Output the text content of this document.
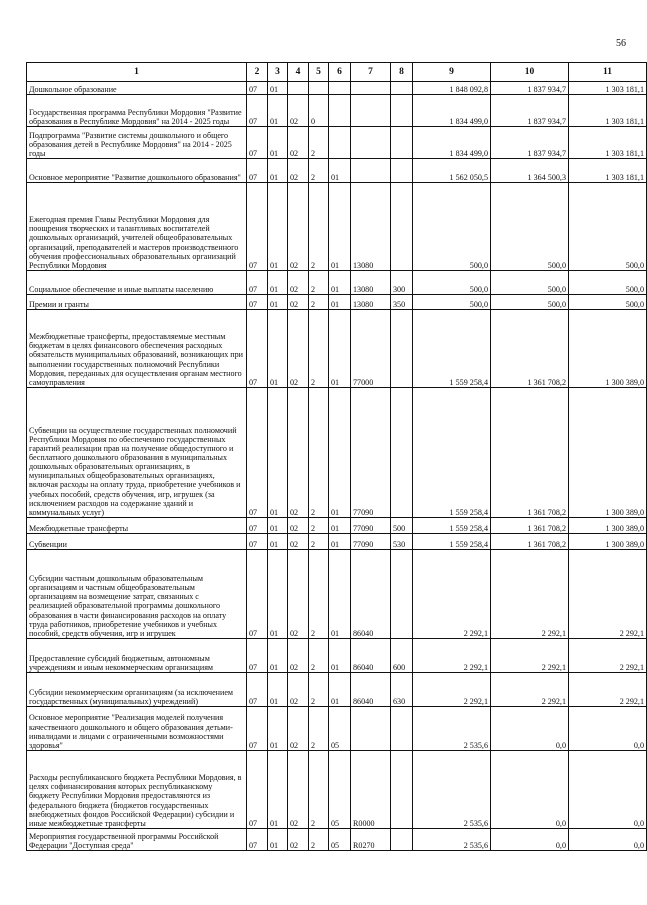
56
1	2	3	4	5	6	7	8	9	10	11
Дошкольное образование	07	01						1 848 092,8	1 837 934,7	1 303 181,1
Государственная программа Республики Мордовия "Развитие образования в Республике Мордовия" на 2014 - 2025 годы	07	01	02	0				1 834 499,0	1 837 934,7	1 303 181,1
Подпрограмма "Развитие системы дошкольного и общего образования детей в Республике Мордовия" на 2014 - 2025 годы	07	01	02	2				1 834 499,0	1 837 934,7	1 303 181,1
Основное мероприятие "Развитие дошкольного образования"	07	01	02	2	01			1 562 050,5	1 364 500,3	1 303 181,1
Ежегодная премия Главы Республики Мордовия для поощрения творческих и талантливых воспитателей дошкольных организаций, учителей общеобразовательных организаций, преподавателей и мастеров производственного обучения профессиональных образовательных организаций Республики Мордовия	07	01	02	2	01	13080		500,0	500,0	500,0
Социальное обеспечение и иные выплаты населению	07	01	02	2	01	13080	300	500,0	500,0	500,0
Премии и гранты	07	01	02	2	01	13080	350	500,0	500,0	500,0
Межбюджетные трансферты, предоставляемые местным бюджетам в целях финансового обеспечения расходных обязательств муниципальных образований, возникающих при выполнении государственных полномочий Республики Мордовия, переданных для осуществления органам местного самоуправления	07	01	02	2	01	77000		1 559 258,4	1 361 708,2	1 300 389,0
Субвенции на осуществление государственных полномочий Республики Мордовия по обеспечению государственных гарантий реализации прав на получение общедоступного и бесплатного дошкольного образования в муниципальных дошкольных образовательных организациях, в муниципальных общеобразовательных организациях, включая расходы на оплату труда, приобретение учебников и учебных пособий, средств обучения, игр, игрушек (за исключением расходов на содержание зданий и коммунальных услуг)	07	01	02	2	01	77090		1 559 258,4	1 361 708,2	1 300 389,0
Межбюджетные трансферты	07	01	02	2	01	77090	500	1 559 258,4	1 361 708,2	1 300 389,0
Субвенции	07	01	02	2	01	77090	530	1 559 258,4	1 361 708,2	1 300 389,0
Субсидии частным дошкольным образовательным организациям и частным общеобразовательным организациям на возмещение затрат, связанных с реализацией образовательной программы дошкольного образования в части финансирования расходов на оплату труда работников, приобретение учебников и учебных пособий, средств обучения, игр и игрушек	07	01	02	2	01	86040		2 292,1	2 292,1	2 292,1
Предоставление субсидий бюджетным, автономным учреждениям и иным некоммерческим организациям	07	01	02	2	01	86040	600	2 292,1	2 292,1	2 292,1
Субсидии некоммерческим организациям (за исключением государственных (муниципальных) учреждений)	07	01	02	2	01	86040	630	2 292,1	2 292,1	2 292,1
Основное мероприятие "Реализация моделей получения качественного дошкольного и общего образования детьми-инвалидами и лицами с ограниченными возможностями здоровья"	07	01	02	2	05			2 535,6	0,0	0,0
Расходы республиканского бюджета Республики Мордовия, в целях софинансирования которых республиканскому бюджету Республики Мордовия предоставляются из федерального бюджета (бюджетов государственных внебюджетных фондов Российской Федерации) субсидии и иные межбюджетные трансферты	07	01	02	2	05	R0000		2 535,6	0,0	0,0
Мероприятия государственной программы Российской Федерации "Доступная среда"	07	01	02	2	05	R0270		2 535,6	0,0	0,0
